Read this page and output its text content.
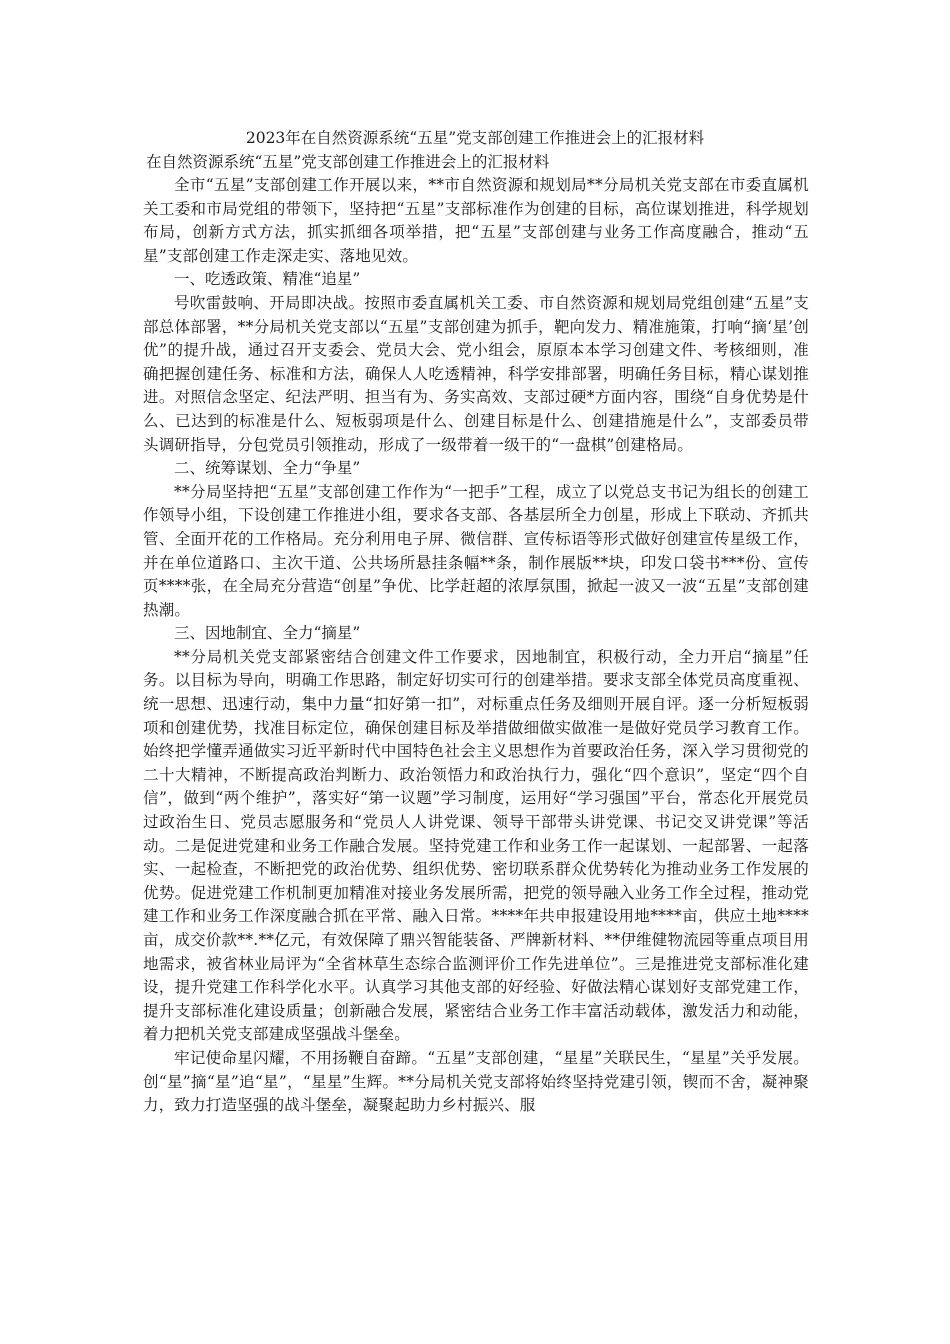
2023年在自然资源系统“五星”党支部创建工作推进会上的汇报材料

在自然资源系统“五星”党支部创建工作推进会上的汇报材料

全市“五星”支部创建工作开展以来，**市自然资源和规划局**分局机关党支部在市委直属机关工委和市局党组的带领下，坚持把“五星”支部标准作为创建的目标，高位谋划推进，科学规划布局，创新方式方法，抓实抓细各项举措，把“五星”支部创建与业务工作高度融合，推动“五星”支部创建工作走深走实、落地见效。

一、吃透政策、精准“追星”

号吹雷鼓响、开局即决战。按照市委直属机关工委、市自然资源和规划局党组创建“五星”支部总体部署，**分局机关党支部以“五星”支部创建为抓手，靶向发力、精准施策，打响“摘‘星’创优”的提升战，通过召开支委会、党员大会、党小组会，原原本本学习创建文件、考核细则，准确把握创建任务、标准和方法，确保人人吃透精神，科学安排部署，明确任务目标，精心谋划推进。对照信念坚定、纪法严明、担当有为、务实高效、支部过硬*方面内容，围绕“自身优势是什么、已达到的标准是什么、短板弱项是什么、创建目标是什么、创建措施是什么”，支部委员带头调研指导，分包党员引领推动，形成了一级带着一级干的“一盘棋”创建格局。

二、统筹谋划、全力“争星”

**分局坚持把“五星”支部创建工作作为“一把手”工程，成立了以党总支书记为组长的创建工作领导小组，下设创建工作推进小组，要求各支部、各基层所全力创星，形成上下联动、齐抓共管、全面开花的工作格局。充分利用电子屏、微信群、宣传标语等形式做好创建宣传星级工作，并在单位道路口、主次干道、公共场所悬挂条幅**条，制作展版**块，印发口袋书***份、宣传页****张，在全局充分营造“创星”争优、比学赶超的浓厚氛围，掀起一波又一波“五星”支部创建热潮。

三、因地制宜、全力“摘星”

**分局机关党支部紧密结合创建文件工作要求，因地制宜，积极行动，全力开启“摘星”任务。以目标为导向，明确工作思路，制定好切实可行的创建举措。要求支部全体党员高度重视、统一思想、迅速行动，集中力量“扣好第一扣”，对标重点任务及细则开展自评。逐一分析短板弱项和创建优势，找准目标定位，确保创建目标及举措做细做实做准一是做好党员学习教育工作。始终把学懂弄通做实习近平新时代中国特色社会主义思想作为首要政治任务，深入学习贯彻党的二十大精神，不断提高政治判断力、政治领悟力和政治执行力，强化“四个意识”，坚定“四个自信”，做到“两个维护”，落实好“第一议题”学习制度，运用好“学习强国”平台，常态化开展党员过政治生日、党员志愿服务和“党员人人讲党课、领导干部带头讲党课、书记交叉讲党课”等活动。二是促进党建和业务工作融合发展。坚持党建工作和业务工作一起谋划、一起部署、一起落实、一起检查，不断把党的政治优势、组织优势、密切联系群众优势转化为推动业务工作发展的优势。促进党建工作机制更加精准对接业务发展所需，把党的领导融入业务工作全过程，推动党建工作和业务工作深度融合抓在平常、融入日常。****年共申报建设用地****亩，供应土地****亩，成交价款**.**亿元，有效保障了鼎兴智能装备、严牌新材料、**伊维健物流园等重点项目用地需求，被省林业局评为“全省林草生态综合监测评价工作先进单位”。三是推进党支部标准化建设，提升党建工作科学化水平。认真学习其他支部的好经验、好做法精心谋划好支部党建工作，提升支部标准化建设质量；创新融合发展，紧密结合业务工作丰富活动载体，激发活力和动能，着力把机关党支部建成坚强战斗堡垒。

牢记使命星闪耀，不用扬鞭自奋蹄。“五星”支部创建，“星星”关联民生，“星星”关乎发展。创“星”摘“星”追“星”，“星星”生辉。**分局机关党支部将始终坚持党建引领，锲而不舍，凝神聚力，致力打造坚强的战斗堡垒，凝聚起助力乡村振兴、服
